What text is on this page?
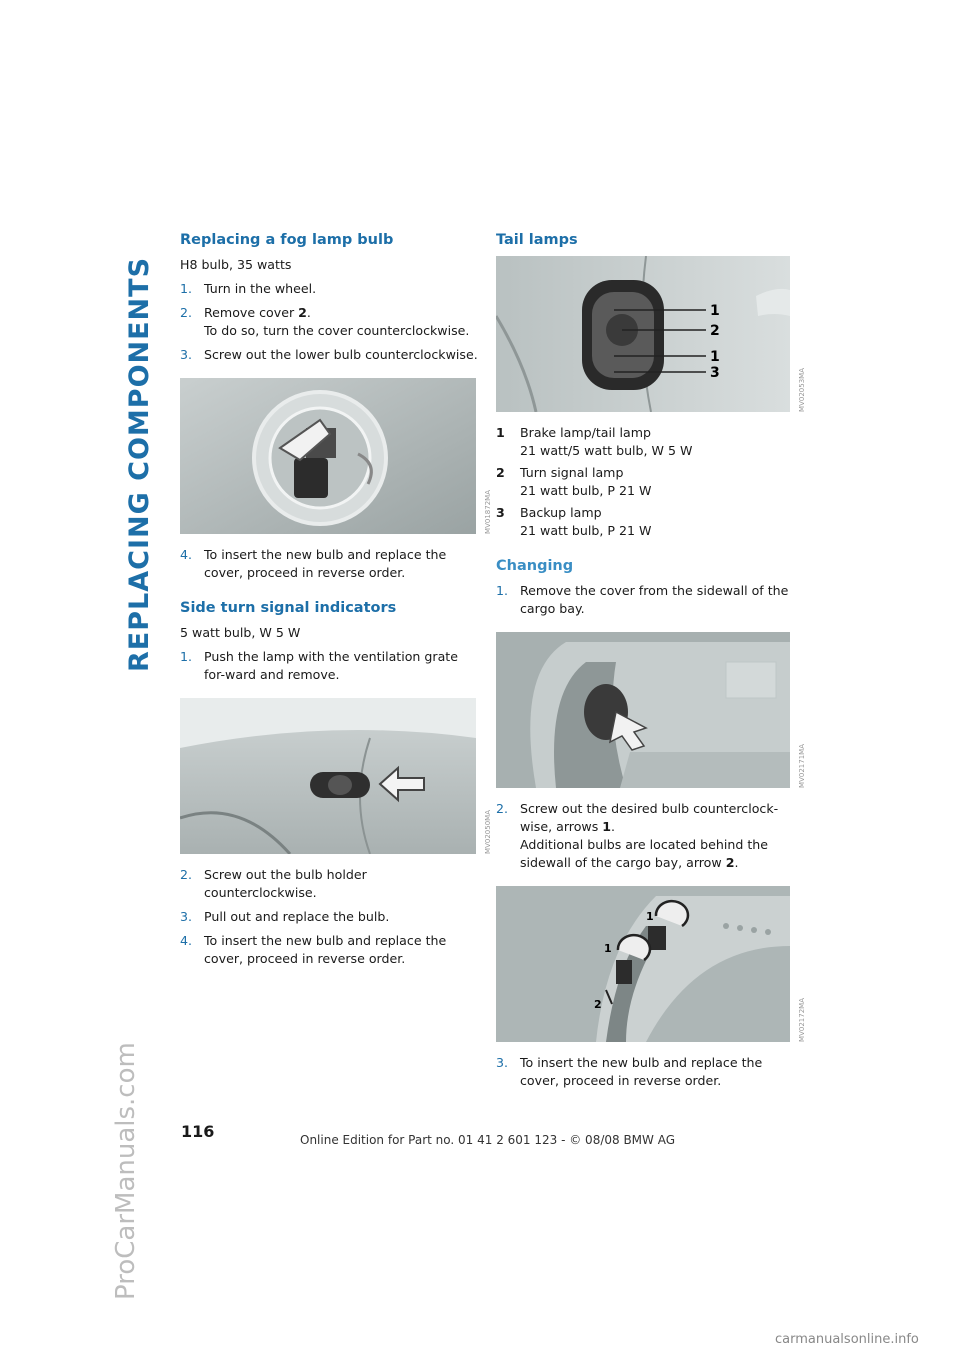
REPLACING COMPONENTS
ProCarManuals.com
Replacing a fog lamp bulb

H8 bulb, 35 watts

1. Turn in the wheel.
2. Remove cover 2.
To do so, turn the cover counterclockwise.
3. Screw out the lower bulb counterclockwise.
MV01872MA
4. To insert the new bulb and replace the cover, proceed in reverse order.
Side turn signal indicators

5 watt bulb, W 5 W

1. Push the lamp with the ventilation grate for-ward and remove.
MV02050MA
2. Screw out the bulb holder counterclockwise.
3. Pull out and replace the bulb.
4. To insert the new bulb and replace the cover, proceed in reverse order.
Tail lamps
1
2
1
3	MV02053MA
1 Brake lamp/tail lamp
21 watt/5 watt bulb, W 5 W
2 Turn signal lamp
21 watt bulb, P 21 W
3 Backup lamp
21 watt bulb, P 21 W
Changing
1. Remove the cover from the sidewall of the cargo bay.
MV02171MA
2. Screw out the desired bulb counterclock-wise, arrows 1.
Additional bulbs are located behind the sidewall of the cargo bay, arrow 2.
1
1
2	MV02172MA
3. To insert the new bulb and replace the cover, proceed in reverse order.
116	Online Edition for Part no. 01 41 2 601 123 - © 08/08 BMW AG
carmanualsonline.info
